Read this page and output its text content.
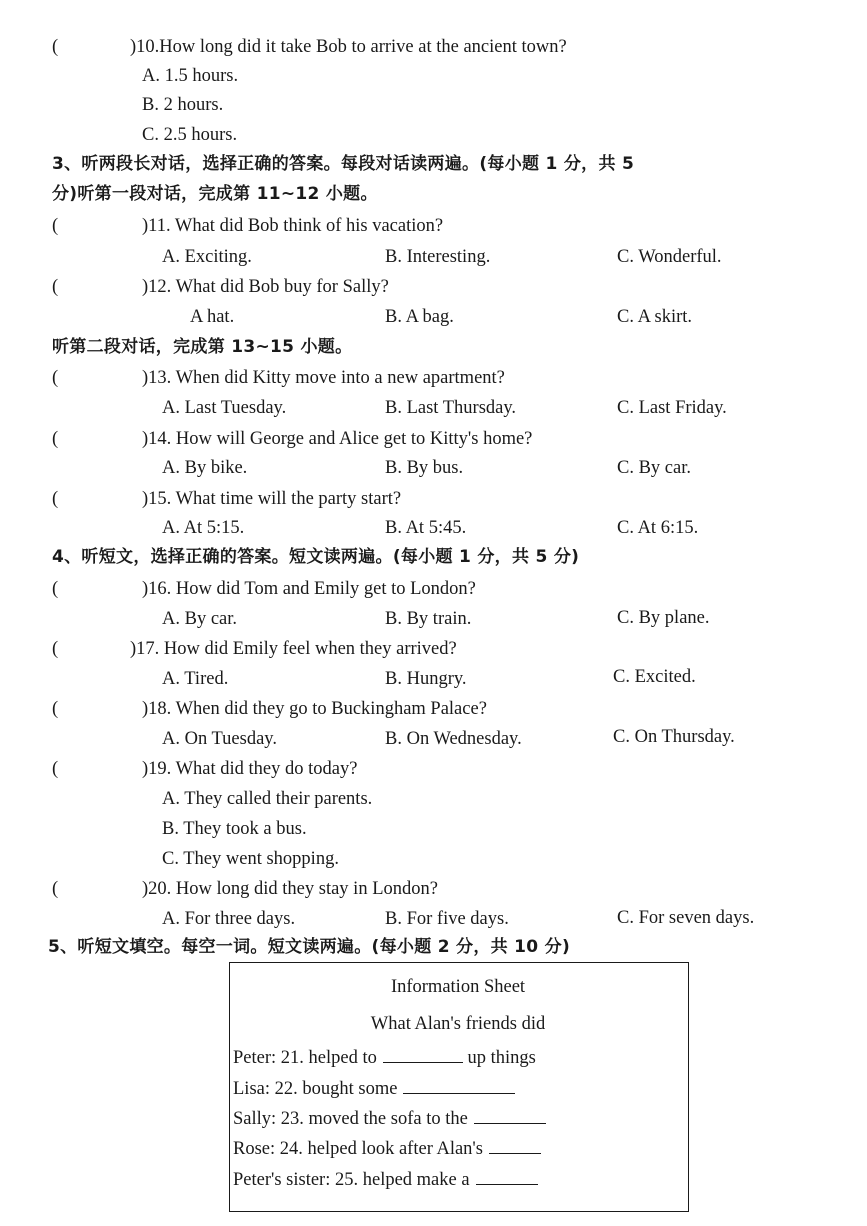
(	)10.How long did it take Bob to arrive at the ancient town?
A. 1.5 hours.
B. 2 hours.
C. 2.5 hours.
3、听两段长对话，选择正确的答案。每段对话读两遍。(每小题 1 分，共 5
分)听第一段对话，完成第 11~12 小题。
(	)11. What did Bob think of his vacation?
A. Exciting.	B. Interesting.	C. Wonderful.
(	)12. What did Bob buy for Sally?
A hat.	B. A bag.	C. A skirt.
听第二段对话，完成第 13~15 小题。
(	)13. When did Kitty move into a new apartment?
A. Last Tuesday.	B. Last Thursday.	C. Last Friday.
(	)14. How will George and Alice get to Kitty's home?
A. By bike.	B. By bus.	C. By car.
(	)15. What time will the party start?
A. At 5:15.	B. At 5:45.	C. At 6:15.
4、听短文，选择正确的答案。短文读两遍。(每小题 1 分，共 5 分)
(	)16. How did Tom and Emily get to London?
A. By car.	B. By train.	C. By plane.
(	)17. How did Emily feel when they arrived?
A. Tired.	B. Hungry.	C. Excited.
(	)18. When did they go to Buckingham Palace?
A. On Tuesday.	B. On Wednesday.	C. On Thursday.
(	)19. What did they do today?
A. They called their parents.
B. They took a bus.
C. They went shopping.
(	)20. How long did they stay in London?
A. For three days.	B. For five days.	C. For seven days.
5、听短文填空。每空一词。短文读两遍。(每小题 2 分，共 10 分)
Information Sheet
What Alan's friends did
Peter: 21. helped to	up things
Lisa: 22. bought some
Sally: 23. moved the sofa to the
Rose: 24. helped look after Alan's
Peter's sister: 25. helped make a
